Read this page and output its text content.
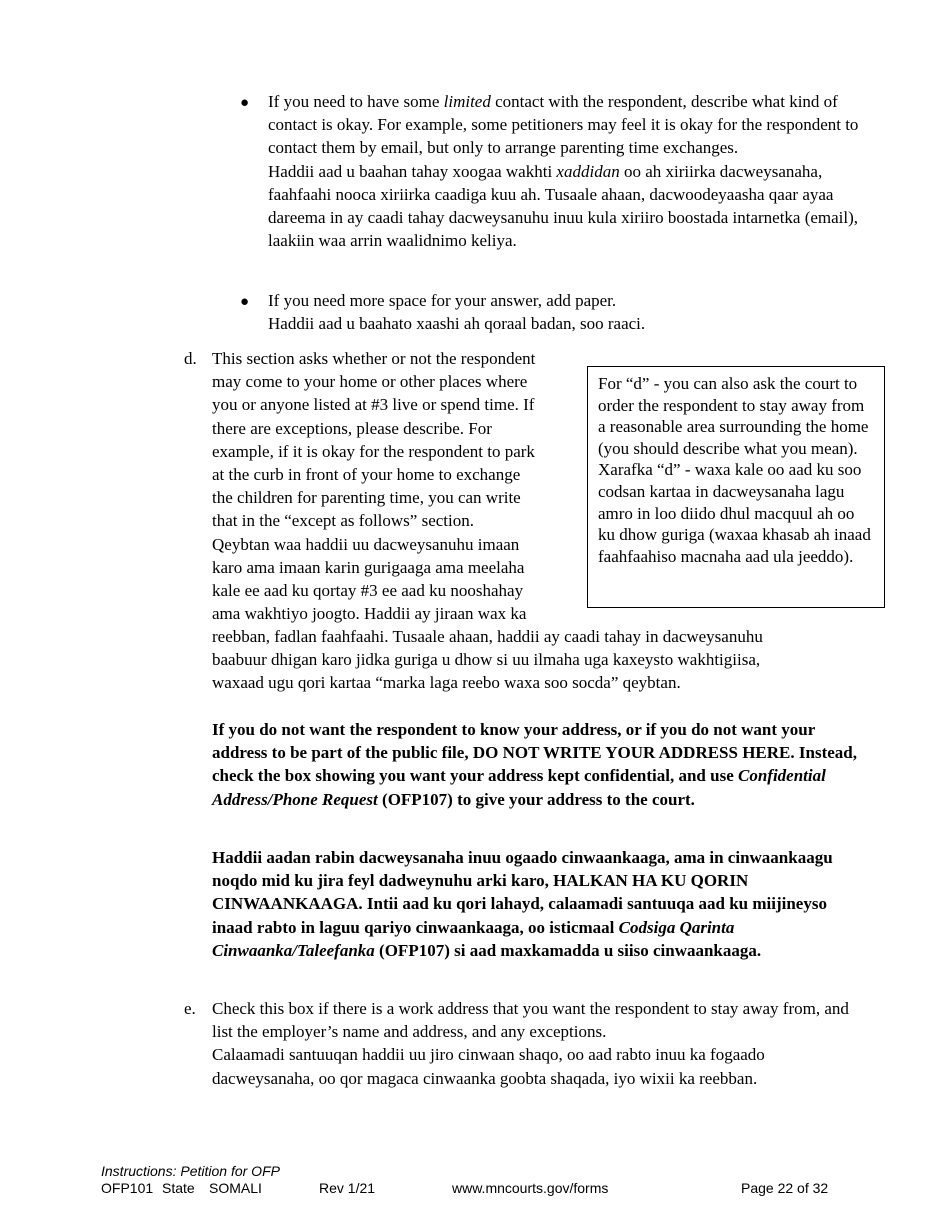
● If you need to have some limited contact with the respondent, describe what kind of contact is okay. For example, some petitioners may feel it is okay for the respondent to contact them by email, but only to arrange parenting time exchanges.

Haddii aad u baahan tahay xoogaa wakhti xaddidan oo ah xiriirka dacweysanaha, faahfaahi nooca xiriirka caadiga kuu ah. Tusaale ahaan, dacwoodeyaasha qaar ayaa dareema in ay caadi tahay dacweysanuhu inuu kula xiriiro boostada intarnetka (email), laakiin waa arrin waalidnimo keliya.

● If you need more space for your answer, add paper.

Haddii aad u baahato xaashi ah qoraal badan, soo raaci.

d. This section asks whether or not the respondent
may come to your home or other places where
you or anyone listed at #3 live or spend time. If
there are exceptions, please describe. For
example, if it is okay for the respondent to park
at the curb in front of your home to exchange
the children for parenting time, you can write
that in the “except as follows” section.
Qeybtan waa haddii uu dacweysanuhu imaan
karo ama imaan karin gurigaaga ama meelaha
kale ee aad ku qortay #3 ee aad ku nooshahay
ama wakhtiyo joogto. Haddii ay jiraan wax ka
reebban, fadlan faahfaahi. Tusaale ahaan, haddii ay caadi tahay in dacweysanuhu
baabuur dhigan karo jidka guriga u dhow si uu ilmaha uga kaxeysto wakhtigiisa,
waxaad ugu qori kartaa “marka laga reebo waxa soo socda” qeybtan.

For “d” - you can also ask the court to order the respondent to stay away from a reasonable area surrounding the home (you should describe what you mean).

Xarafka “d” - waxa kale oo aad ku soo codsan kartaa in dacweysanaha lagu amro in loo diido dhul macquul ah oo ku dhow guriga (waxaa khasab ah inaad faahfaahiso macnaha aad ula jeeddo).

If you do not want the respondent to know your address, or if you do not want your address to be part of the public file, DO NOT WRITE YOUR ADDRESS HERE. Instead, check the box showing you want your address kept confidential, and use Confidential Address/Phone Request (OFP107) to give your address to the court.
Haddii aadan rabin dacweysanaha inuu ogaado cinwaankaaga, ama in cinwaankaagu noqdo mid ku jira feyl dadweynuhu arki karo, HALKAN HA KU QORIN CINWAANKAAGA. Intii aad ku qori lahayd, calaamadi santuuqa aad ku miijineyso inaad rabto in laguu qariyo cinwaankaaga, oo isticmaal Codsiga Qarinta Cinwaanka/Taleefanka (OFP107) si aad maxkamadda u siiso cinwaankaaga.
e. Check this box if there is a work address that you want the respondent to stay away from, and list the employer’s name and address, and any exceptions.

Calaamadi santuuqan haddii uu jiro cinwaan shaqo, oo aad rabto inuu ka fogaado dacweysanaha, oo qor magaca cinwaanka goobta shaqada, iyo wixii ka reebban.

Instructions: Petition for OFP
OFP101 State SOMALI	Rev 1/21	www.mncourts.gov/forms	Page 22 of 32
